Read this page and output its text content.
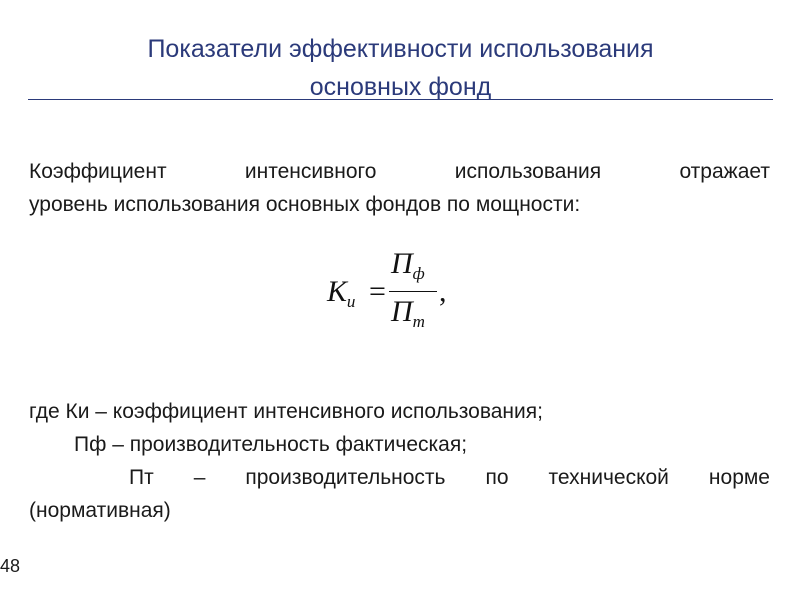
Показатели эффективности использования
основных фонд
Коэффициент интенсивного использования отражает
уровень использования основных фондов по мощности:
$К_и$ =
$П_ф$
$П_т$
,
где Ки – коэффициент интенсивного использования;
Пф – производительность фактическая;
Пт – производительность по технической норме
(нормативная)
48
